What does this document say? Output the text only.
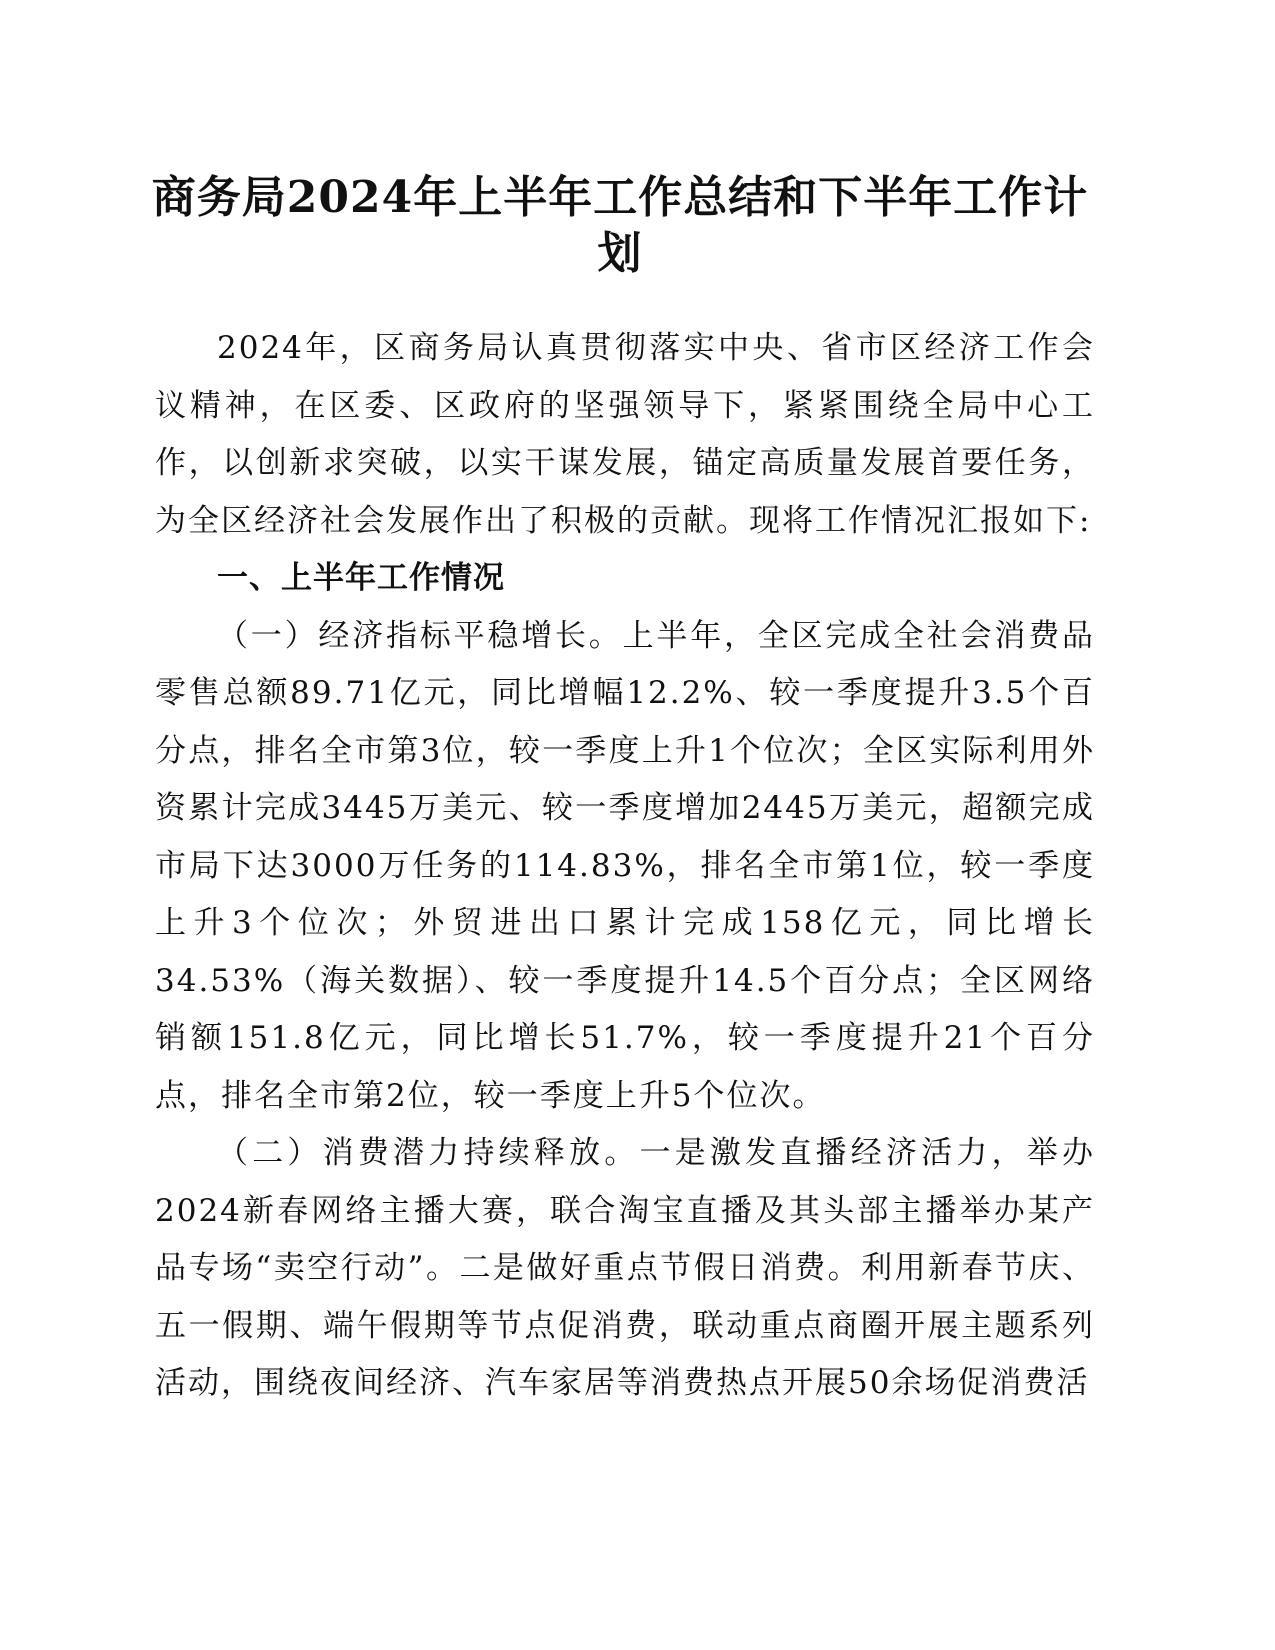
商务局2024年上半年工作总结和下半年工作计划

2024年，区商务局认真贯彻落实中央、省市区经济工作会议精神，在区委、区政府的坚强领导下，紧紧围绕全局中心工作，以创新求突破，以实干谋发展，锚定高质量发展首要任务，为全区经济社会发展作出了积极的贡献。现将工作情况汇报如下:

一、上半年工作情况

（一）经济指标平稳增长。上半年，全区完成全社会消费品零售总额89.71亿元，同比增幅12.2%、较一季度提升3.5个百分点，排名全市第3位，较一季度上升1个位次；全区实际利用外资累计完成3445万美元、较一季度增加2445万美元，超额完成市局下达3000万任务的114.83%，排名全市第1位，较一季度上升3个位次；外贸进出口累计完成158亿元，同比增长34.53%（海关数据）、较一季度提升14.5个百分点；全区网络销额151.8亿元，同比增长51.7%，较一季度提升21个百分点，排名全市第2位，较一季度上升5个位次。

（二）消费潜力持续释放。一是激发直播经济活力，举办2024新春网络主播大赛，联合淘宝直播及其头部主播举办某产品专场“卖空行动”。二是做好重点节假日消费。利用新春节庆、五一假期、端午假期等节点促消费，联动重点商圈开展主题系列活动，围绕夜间经济、汽车家居等消费热点开展50余场促消费活
